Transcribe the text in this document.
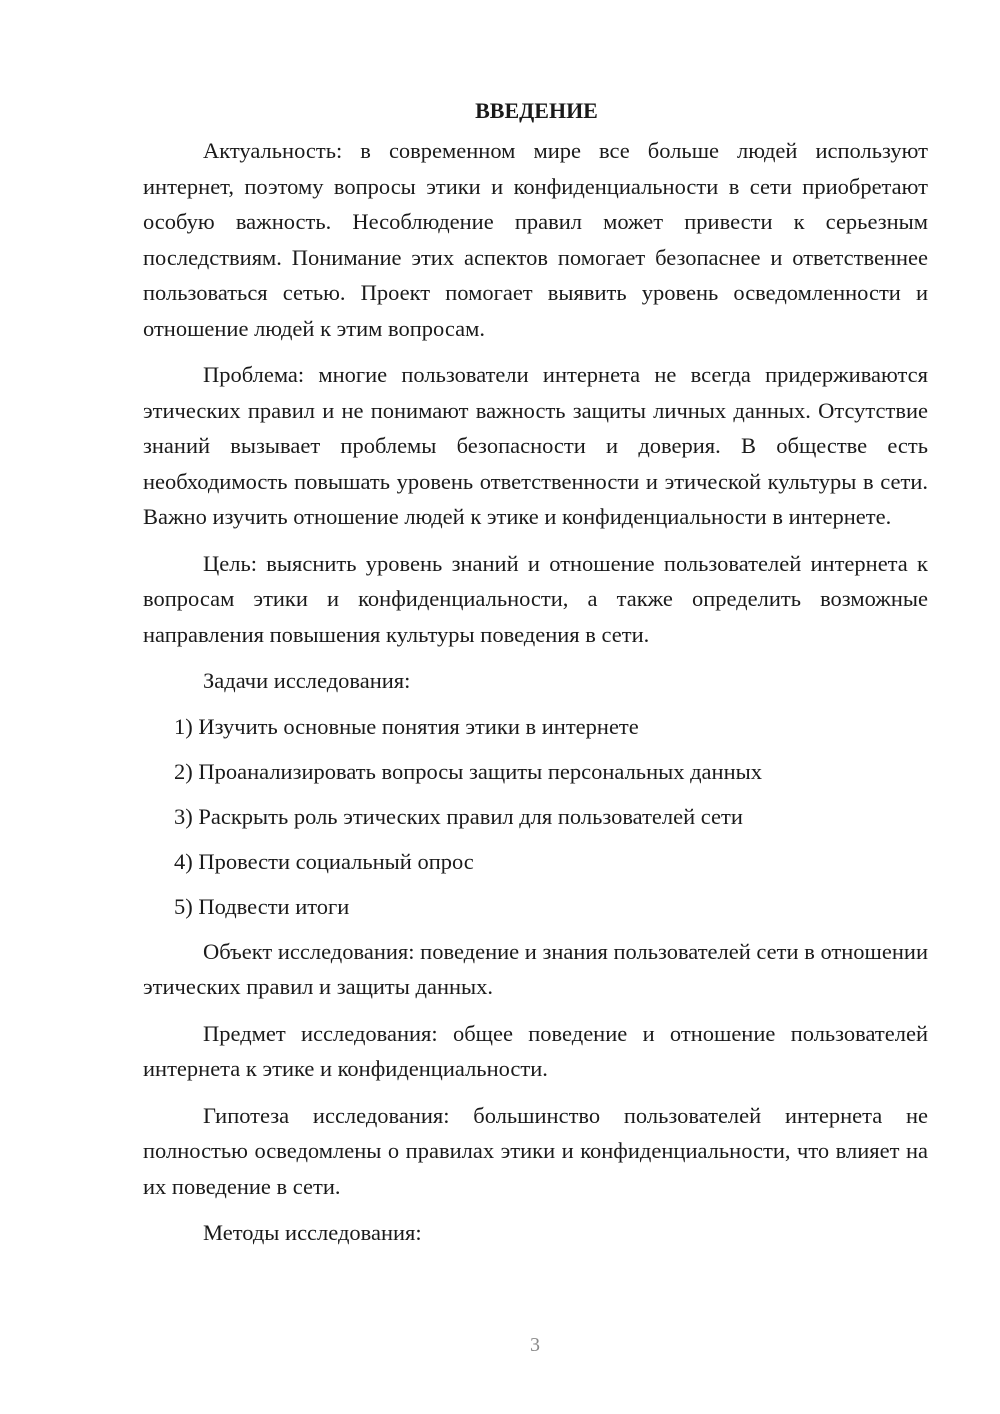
ВВЕДЕНИЕ

Актуальность: в современном мире все больше людей используют интернет, поэтому вопросы этики и конфиденциальности в сети приобретают особую важность. Несоблюдение правил может привести к серьезным последствиям. Понимание этих аспектов помогает безопаснее и ответственнее пользоваться сетью. Проект помогает выявить уровень осведомленности и отношение людей к этим вопросам.

Проблема: многие пользователи интернета не всегда придерживаются этических правил и не понимают важность защиты личных данных. Отсутствие знаний вызывает проблемы безопасности и доверия. В обществе есть необходимость повышать уровень ответственности и этической культуры в сети. Важно изучить отношение людей к этике и конфиденциальности в интернете.

Цель: выяснить уровень знаний и отношение пользователей интернета к вопросам этики и конфиденциальности, а также определить возможные направления повышения культуры поведения в сети.

Задачи исследования:

1) Изучить основные понятия этики в интернете
2) Проанализировать вопросы защиты персональных данных
3) Раскрыть роль этических правил для пользователей сети
4) Провести социальный опрос
5) Подвести итоги

Объект исследования: поведение и знания пользователей сети в отношении этических правил и защиты данных.

Предмет исследования: общее поведение и отношение пользователей интернета к этике и конфиденциальности.

Гипотеза исследования: большинство пользователей интернета не полностью осведомлены о правилах этики и конфиденциальности, что влияет на их поведение в сети.

Методы исследования:

3
